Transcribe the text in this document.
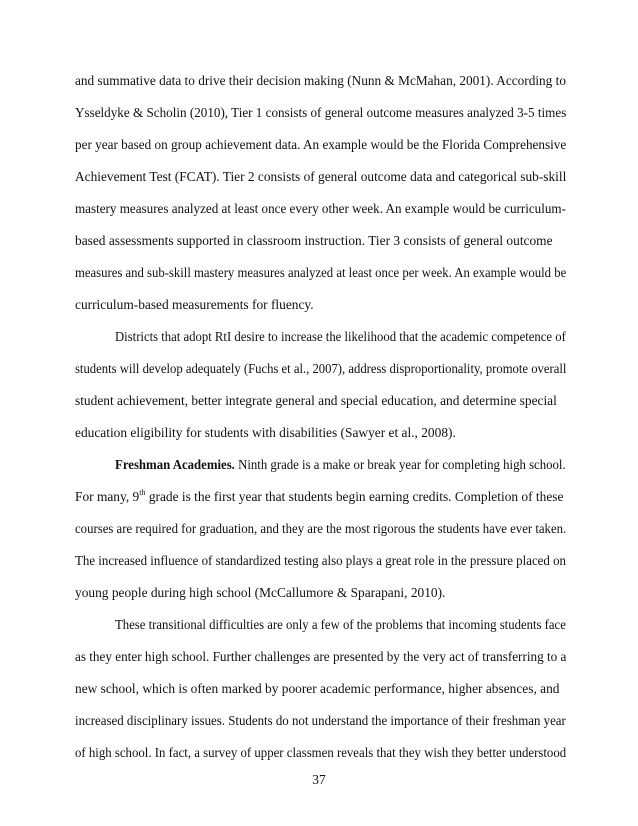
and summative data to drive their decision making (Nunn & McMahan, 2001). According to
Ysseldyke & Scholin (2010), Tier 1 consists of general outcome measures analyzed 3-5 times
per year based on group achievement data. An example would be the Florida Comprehensive
Achievement Test (FCAT). Tier 2 consists of general outcome data and categorical sub-skill
mastery measures analyzed at least once every other week. An example would be curriculum-
based assessments supported in classroom instruction. Tier 3 consists of general outcome
measures and sub-skill mastery measures analyzed at least once per week. An example would be
curriculum-based measurements for fluency.
Districts that adopt RtI desire to increase the likelihood that the academic competence of
students will develop adequately (Fuchs et al., 2007), address disproportionality, promote overall
student achievement, better integrate general and special education, and determine special
education eligibility for students with disabilities (Sawyer et al., 2008).
Freshman Academies. Ninth grade is a make or break year for completing high school.
For many, 9th grade is the first year that students begin earning credits. Completion of these
courses are required for graduation, and they are the most rigorous the students have ever taken.
The increased influence of standardized testing also plays a great role in the pressure placed on
young people during high school (McCallumore & Sparapani, 2010).
These transitional difficulties are only a few of the problems that incoming students face
as they enter high school. Further challenges are presented by the very act of transferring to a
new school, which is often marked by poorer academic performance, higher absences, and
increased disciplinary issues. Students do not understand the importance of their freshman year
of high school. In fact, a survey of upper classmen reveals that they wish they better understood
37
